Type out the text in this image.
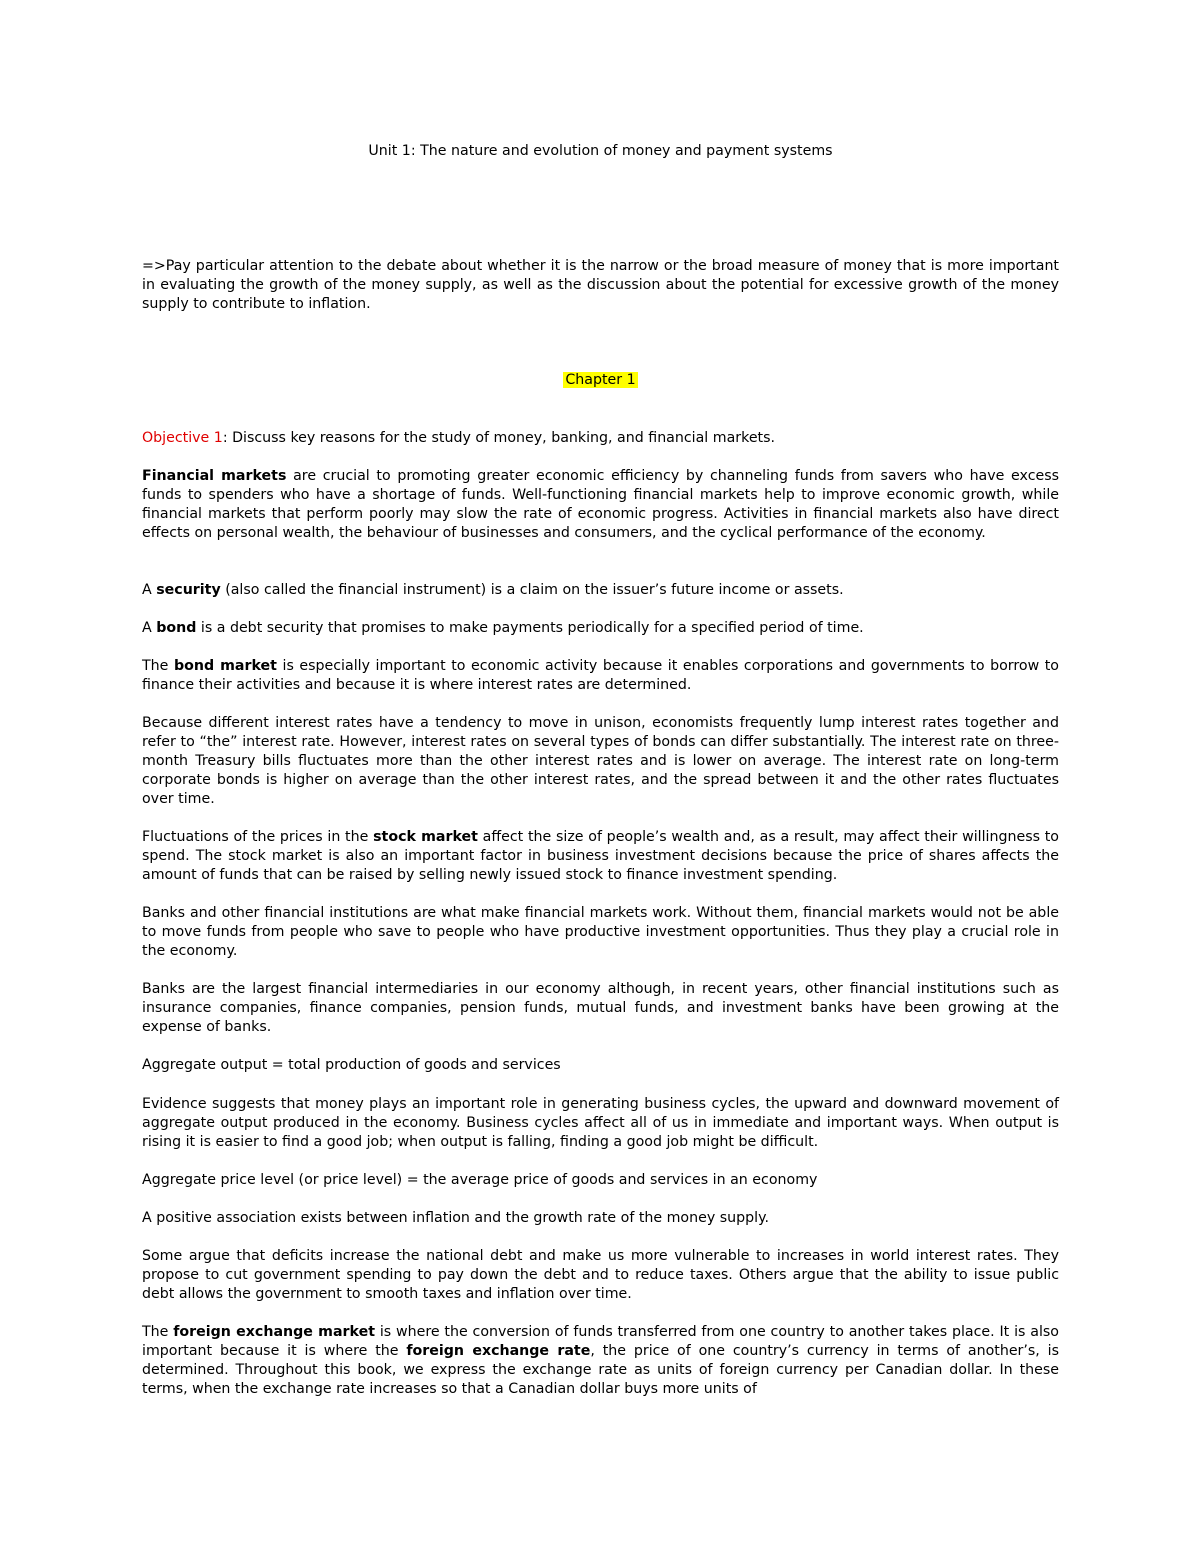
Unit 1: The nature and evolution of money and payment systems

=>Pay particular attention to the debate about whether it is the narrow or the broad measure of money that is more important in evaluating the growth of the money supply, as well as the discussion about the potential for excessive growth of the money supply to contribute to inflation.

Chapter 1

Objective 1: Discuss key reasons for the study of money, banking, and financial markets.

Financial markets are crucial to promoting greater economic efficiency by channeling funds from savers who have excess funds to spenders who have a shortage of funds. Well-functioning financial markets help to improve economic growth, while financial markets that perform poorly may slow the rate of economic progress. Activities in financial markets also have direct effects on personal wealth, the behaviour of businesses and consumers, and the cyclical performance of the economy.

A security (also called the financial instrument) is a claim on the issuer’s future income or assets.

A bond is a debt security that promises to make payments periodically for a specified period of time.

The bond market is especially important to economic activity because it enables corporations and governments to borrow to finance their activities and because it is where interest rates are determined.

Because different interest rates have a tendency to move in unison, economists frequently lump interest rates together and refer to “the” interest rate. However, interest rates on several types of bonds can differ substantially. The interest rate on three-month Treasury bills fluctuates more than the other interest rates and is lower on average. The interest rate on long-term corporate bonds is higher on average than the other interest rates, and the spread between it and the other rates fluctuates over time.

Fluctuations of the prices in the stock market affect the size of people’s wealth and, as a result, may affect their willingness to spend. The stock market is also an important factor in business investment decisions because the price of shares affects the amount of funds that can be raised by selling newly issued stock to finance investment spending.

Banks and other financial institutions are what make financial markets work. Without them, financial markets would not be able to move funds from people who save to people who have productive investment opportunities. Thus they play a crucial role in the economy.

Banks are the largest financial intermediaries in our economy although, in recent years, other financial institutions such as insurance companies, finance companies, pension funds, mutual funds, and investment banks have been growing at the expense of banks.

Aggregate output = total production of goods and services

Evidence suggests that money plays an important role in generating business cycles, the upward and downward movement of aggregate output produced in the economy. Business cycles affect all of us in immediate and important ways. When output is rising it is easier to find a good job; when output is falling, finding a good job might be difficult.

Aggregate price level (or price level) = the average price of goods and services in an economy

A positive association exists between inflation and the growth rate of the money supply.

Some argue that deficits increase the national debt and make us more vulnerable to increases in world interest rates. They propose to cut government spending to pay down the debt and to reduce taxes. Others argue that the ability to issue public debt allows the government to smooth taxes and inflation over time.

The foreign exchange market is where the conversion of funds transferred from one country to another takes place. It is also important because it is where the foreign exchange rate, the price of one country’s currency in terms of another’s, is determined. Throughout this book, we express the exchange rate as units of foreign currency per Canadian dollar. In these terms, when the exchange rate increases so that a Canadian dollar buys more units of
